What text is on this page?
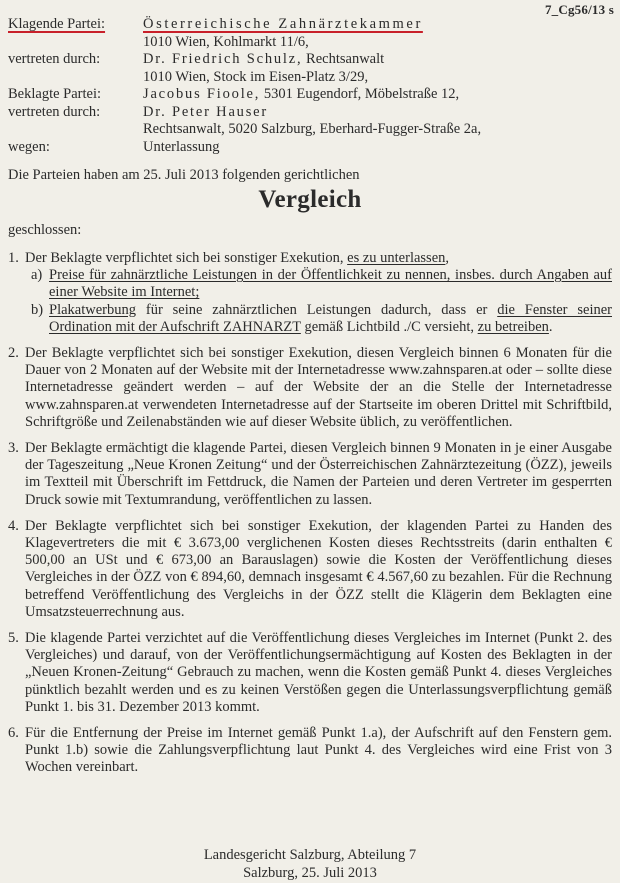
7_Cg56/13 s
Klagende Partei:	Österreichische Zahnärztekammer
1010 Wien, Kohlmarkt 11/6,
vertreten durch:	Dr. Friedrich Schulz, Rechtsanwalt
1010 Wien, Stock im Eisen-Platz 3/29,
Beklagte Partei:	Jacobus Fioole, 5301 Eugendorf, Möbelstraße 12,
vertreten durch:	Dr. Peter Hauser
Rechtsanwalt, 5020 Salzburg, Eberhard-Fugger-Straße 2a,
wegen:	Unterlassung
Die Parteien haben am 25. Juli 2013 folgenden gerichtlichen
Vergleich
geschlossen:
1. Der Beklagte verpflichtet sich bei sonstiger Exekution, es zu unterlassen,
a) Preise für zahnärztliche Leistungen in der Öffentlichkeit zu nennen, insbes. durch Angaben auf einer Website im Internet;
b) Plakatwerbung für seine zahnärztlichen Leistungen dadurch, dass er die Fenster seiner Ordination mit der Aufschrift ZAHNARZT gemäß Lichtbild ./C versieht, zu betreiben.
2. Der Beklagte verpflichtet sich bei sonstiger Exekution, diesen Vergleich binnen 6 Monaten für die Dauer von 2 Monaten auf der Website mit der Internetadresse www.zahnsparen.at oder – sollte diese Internetadresse geändert werden – auf der Website der an die Stelle der Internetadresse www.zahnsparen.at verwendeten Internetadresse auf der Startseite im oberen Drittel mit Schriftbild, Schriftgröße und Zeilenabständen wie auf dieser Website üblich, zu veröffentlichen.
3. Der Beklagte ermächtigt die klagende Partei, diesen Vergleich binnen 9 Monaten in je einer Ausgabe der Tageszeitung „Neue Kronen Zeitung“ und der Österreichischen Zahnärztezeitung (ÖZZ), jeweils im Textteil mit Überschrift im Fettdruck, die Namen der Parteien und deren Vertreter im gesperrten Druck sowie mit Textumrandung, veröffentlichen zu lassen.
4. Der Beklagte verpflichtet sich bei sonstiger Exekution, der klagenden Partei zu Handen des Klagevertreters die mit € 3.673,00 verglichenen Kosten dieses Rechtsstreits (darin enthalten € 500,00 an USt und € 673,00 an Barauslagen) sowie die Kosten der Veröffentlichung dieses Vergleiches in der ÖZZ von € 894,60, demnach insgesamt € 4.567,60 zu bezahlen. Für die Rechnung betreffend Veröffentlichung des Vergleichs in der ÖZZ stellt die Klägerin dem Beklagten eine Umsatzsteuerrechnung aus.
5. Die klagende Partei verzichtet auf die Veröffentlichung dieses Vergleiches im Internet (Punkt 2. des Vergleiches) und darauf, von der Veröffentlichungsermächtigung auf Kosten des Beklagten in der „Neuen Kronen-Zeitung“ Gebrauch zu machen, wenn die Kosten gemäß Punkt 4. dieses Vergleiches pünktlich bezahlt werden und es zu keinen Verstößen gegen die Unterlassungsverpflichtung gemäß Punkt 1. bis 31. Dezember 2013 kommt.
6. Für die Entfernung der Preise im Internet gemäß Punkt 1.a), der Aufschrift auf den Fenstern gem. Punkt 1.b) sowie die Zahlungsverpflichtung laut Punkt 4. des Vergleiches wird eine Frist von 3 Wochen vereinbart.
Landesgericht Salzburg, Abteilung 7
Salzburg, 25. Juli 2013
